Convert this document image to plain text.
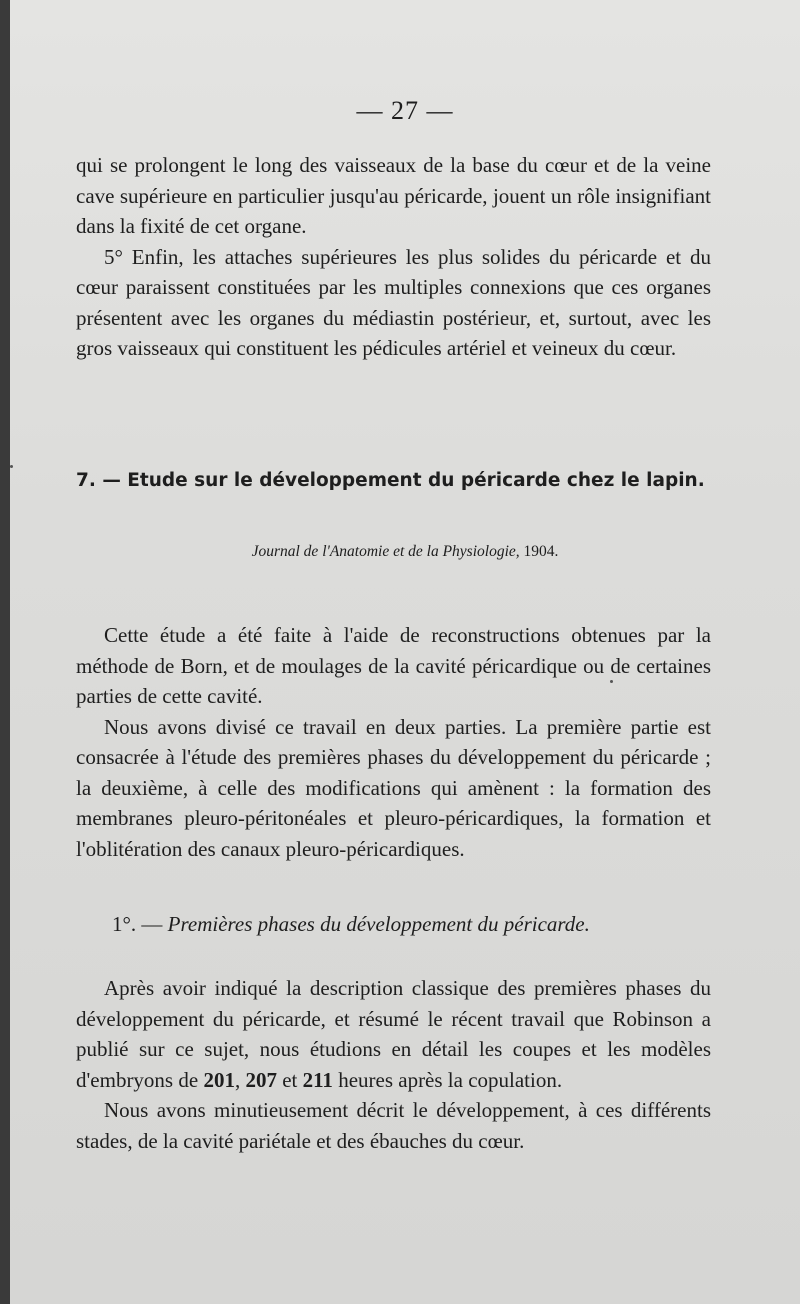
— 27 —

qui se prolongent le long des vaisseaux de la base du cœur et de la veine cave supérieure en particulier jusqu'au péricarde, jouent un rôle insignifiant dans la fixité de cet organe.

5° Enfin, les attaches supérieures les plus solides du péricarde et du cœur paraissent constituées par les multiples connexions que ces organes présentent avec les organes du médiastin postérieur, et, surtout, avec les gros vaisseaux qui constituent les pédicules artériel et veineux du cœur.

7. — Etude sur le développement du péricarde chez le lapin.
Journal de l'Anatomie et de la Physiologie, 1904.

Cette étude a été faite à l'aide de reconstructions obtenues par la méthode de Born, et de moulages de la cavité péricardique ou de certaines parties de cette cavité.

Nous avons divisé ce travail en deux parties. La première partie est consacrée à l'étude des premières phases du développement du péricarde ; la deuxième, à celle des modifications qui amènent : la formation des membranes pleuro-péritonéales et pleuro-péricardiques, la formation et l'oblitération des canaux pleuro-péricardiques.

1°. — Premières phases du développement du péricarde.

Après avoir indiqué la description classique des premières phases du développement du péricarde, et résumé le récent travail que Robinson a publié sur ce sujet, nous étudions en détail les coupes et les modèles d'embryons de 201, 207 et 211 heures après la copulation.

Nous avons minutieusement décrit le développement, à ces différents stades, de la cavité pariétale et des ébauches du cœur.
